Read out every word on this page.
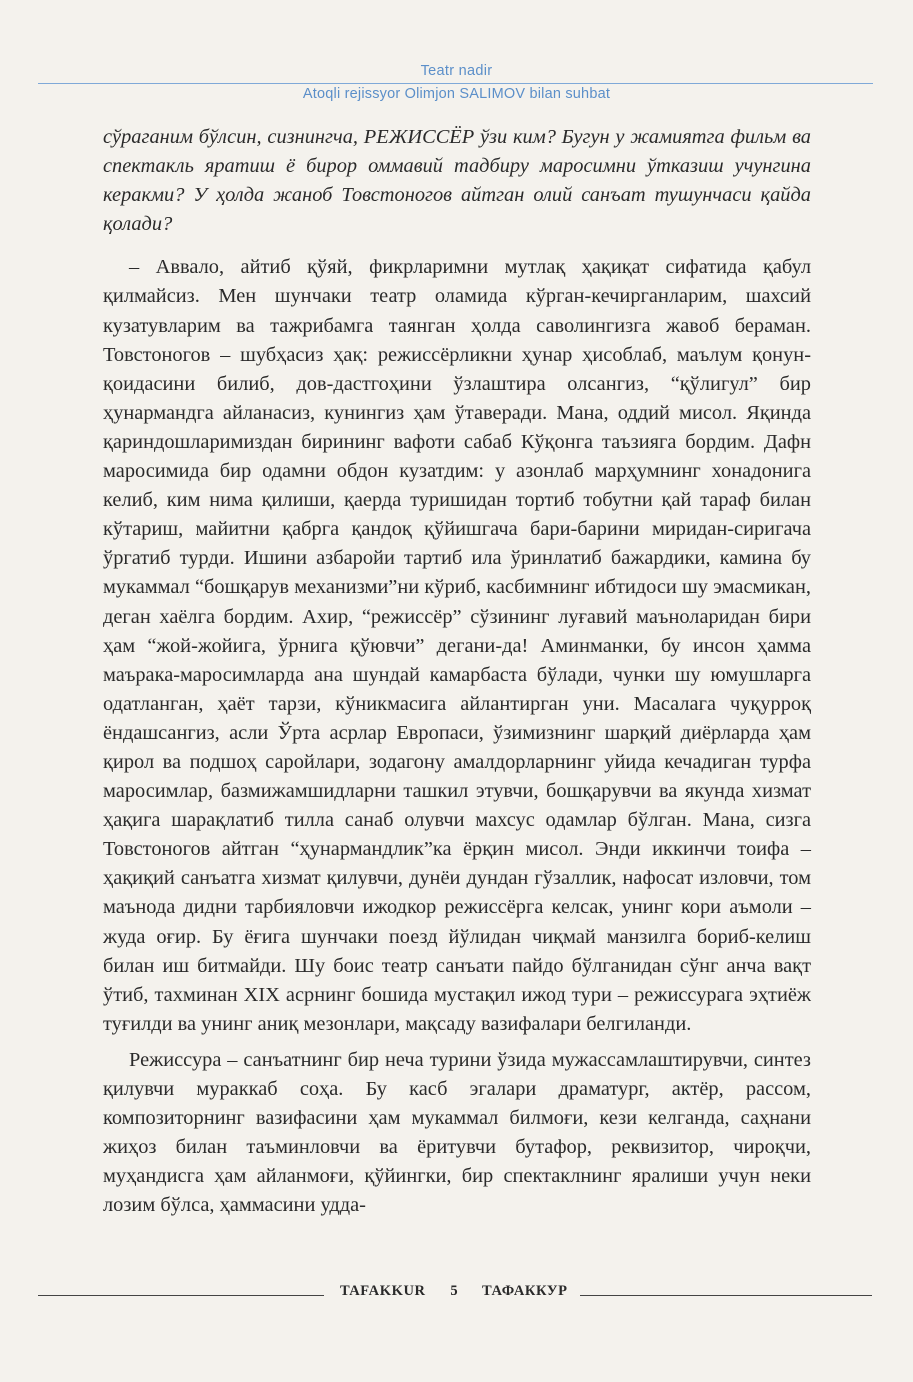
Teatr nadir
Atoqli rejissyor Olimjon SALIMOV bilan suhbat

сўраганим бўлсин, сизнингча, РЕЖИССЁР ўзи ким? Бугун у жамиятга фильм ва спектакль яратиш ё бирор оммавий тадбиру маросимни ўтказиш учунгина керакми? У ҳолда жаноб Товстоногов айтган олий санъат тушунчаси қайда қолади?

– Аввало, айтиб қўяй, фикрларимни мутлақ ҳақиқат сифатида қабул қилмайсиз. Мен шунчаки театр оламида кўрган-кечирганларим, шахсий кузатувларим ва тажрибамга таянган ҳолда саволингизга жавоб бераман. Товстоногов – шубҳасиз ҳақ: режиссёрликни ҳунар ҳисоблаб, маълум қонун-қоидасини билиб, дов-дастгоҳини ўзлаштира олсангиз, “қўлигул” бир ҳунармандга айланасиз, кунингиз ҳам ўтаверади. Мана, оддий мисол. Яқинда қариндошларимиздан бирининг вафоти сабаб Кўқонга таъзияга бордим. Дафн маросимида бир одамни обдон кузатдим: у азонлаб марҳумнинг хонадонига келиб, ким нима қилиши, қаерда туришидан тортиб тобутни қай тараф билан кўтариш, майитни қабрга қандоқ қўйишгача бари-барини миридан-сиригача ўргатиб турди. Ишини азбаройи тартиб ила ўринлатиб бажардики, камина бу мукаммал “бошқарув механизми”ни кўриб, касбимнинг ибтидоси шу эмасмикан, деган хаёлга бордим. Ахир, “режиссёр” сўзининг луғавий маъноларидан бири ҳам “жой-жойига, ўрнига қўювчи” дегани-да! Аминманки, бу инсон ҳамма маърака-маросимларда ана шундай камарбаста бўлади, чунки шу юмушларга одатланган, ҳаёт тарзи, кўникмасига айлантирган уни. Масалага чуқурроқ ёндашсангиз, асли Ўрта асрлар Европаси, ўзимизнинг шарқий диёрларда ҳам қирол ва подшоҳ саройлари, зодагону амалдорларнинг уйида кечадиган турфа маросимлар, базмижамшидларни ташкил этувчи, бошқарувчи ва якунда хизмат ҳақига шарақлатиб тилла санаб олувчи махсус одамлар бўлган. Мана, сизга Товстоногов айтган “ҳунармандлик”ка ёрқин мисол. Энди иккинчи тоифа – ҳақиқий санъатга хизмат қилувчи, дунёи дундан гўзаллик, нафосат изловчи, том маънода дидни тарбияловчи ижодкор режиссёрга келсак, унинг кори аъмоли – жуда оғир. Бу ёғига шунчаки поезд йўлидан чиқмай манзилга бориб-келиш билан иш битмайди. Шу боис театр санъати пайдо бўлганидан сўнг анча вақт ўтиб, тахминан XIX асрнинг бошида мустақил ижод тури – режиссурага эҳтиёж туғилди ва унинг аниқ мезонлари, мақсаду вазифалари белгиланди.

Режиссура – санъатнинг бир неча турини ўзида мужассамлаштирувчи, синтез қилувчи мураккаб соҳа. Бу касб эгалари драматург, актёр, рассом, композиторнинг вазифасини ҳам мукаммал билмоғи, кези келганда, саҳнани жиҳоз билан таъминловчи ва ёритувчи бутафор, реквизитор, чироқчи, муҳандисга ҳам айланмоғи, қўйингки, бир спектаклнинг яралиши учун неки лозим бўлса, ҳаммасини удда-

TAFAKKUR	5	ТАФАККУР
